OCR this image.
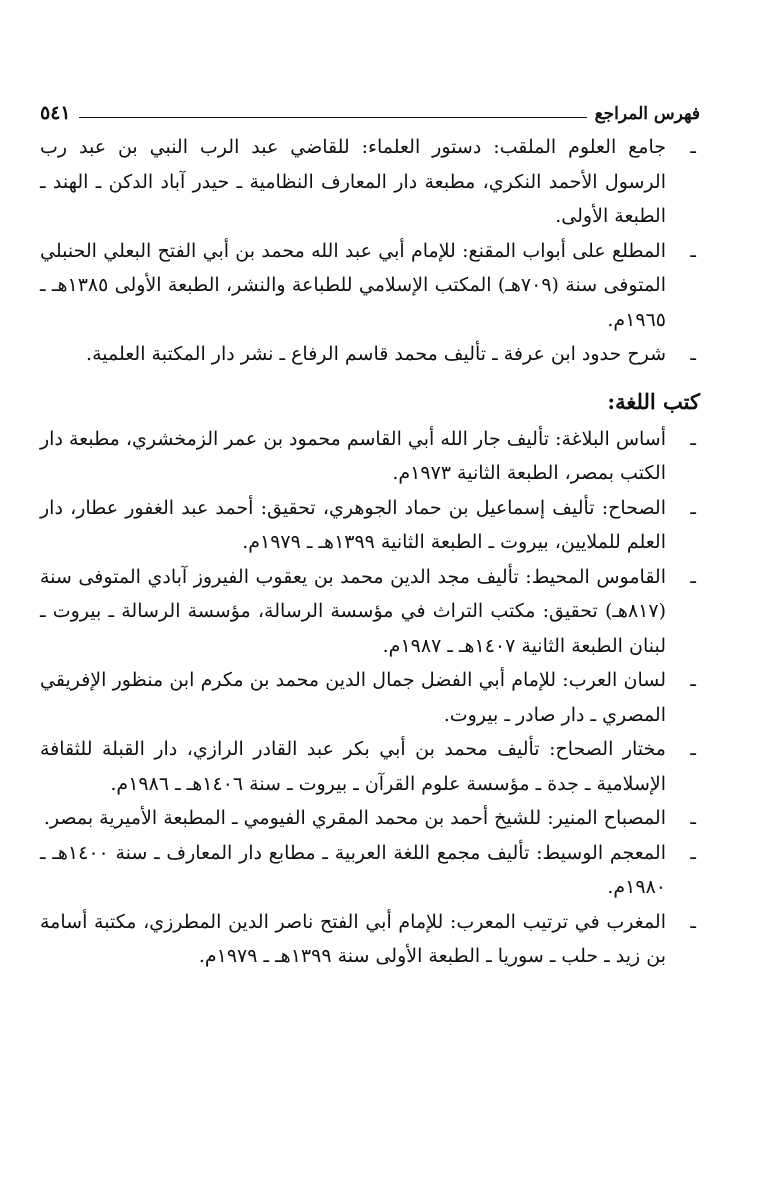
فهرس المراجع
٥٤١
ـ
جامع العلوم الملقب: دستور العلماء: للقاضي عبد الرب النبي بن عبد رب الرسول الأحمد النكري، مطبعة دار المعارف النظامية ـ حيدر آباد الدكن ـ الهند ـ الطبعة الأولى.
ـ
المطلع على أبواب المقنع: للإمام أبي عبد الله محمد بن أبي الفتح البعلي الحنبلي المتوفى سنة (٧٠٩هـ) المكتب الإسلامي للطباعة والنشر، الطبعة الأولى ١٣٨٥هـ ـ ١٩٦٥م.
ـ
شرح حدود ابن عرفة ـ تأليف محمد قاسم الرفاع ـ نشر دار المكتبة العلمية.
كتب اللغة:
ـ
أساس البلاغة: تأليف جار الله أبي القاسم محمود بن عمر الزمخشري، مطبعة دار الكتب بمصر، الطبعة الثانية ١٩٧٣م.
ـ
الصحاح: تأليف إسماعيل بن حماد الجوهري، تحقيق: أحمد عبد الغفور عطار، دار العلم للملايين، بيروت ـ الطبعة الثانية ١٣٩٩هـ ـ ١٩٧٩م.
ـ
القاموس المحيط: تأليف مجد الدين محمد بن يعقوب الفيروز آبادي المتوفى سنة (٨١٧هـ) تحقيق: مكتب التراث في مؤسسة الرسالة، مؤسسة الرسالة ـ بيروت ـ لبنان الطبعة الثانية ١٤٠٧هـ ـ ١٩٨٧م.
ـ
لسان العرب: للإمام أبي الفضل جمال الدين محمد بن مكرم ابن منظور الإفريقي المصري ـ دار صادر ـ بيروت.
ـ
مختار الصحاح: تأليف محمد بن أبي بكر عبد القادر الرازي، دار القبلة للثقافة الإسلامية ـ جدة ـ مؤسسة علوم القرآن ـ بيروت ـ سنة ١٤٠٦هـ ـ ١٩٨٦م.
ـ
المصباح المنير: للشيخ أحمد بن محمد المقري الفيومي ـ المطبعة الأميرية بمصر.
ـ
المعجم الوسيط: تأليف مجمع اللغة العربية ـ مطابع دار المعارف ـ سنة ١٤٠٠هـ ـ ١٩٨٠م.
ـ
المغرب في ترتيب المعرب: للإمام أبي الفتح ناصر الدين المطرزي، مكتبة أسامة بن زيد ـ حلب ـ سوريا ـ الطبعة الأولى سنة ١٣٩٩هـ ـ ١٩٧٩م.
